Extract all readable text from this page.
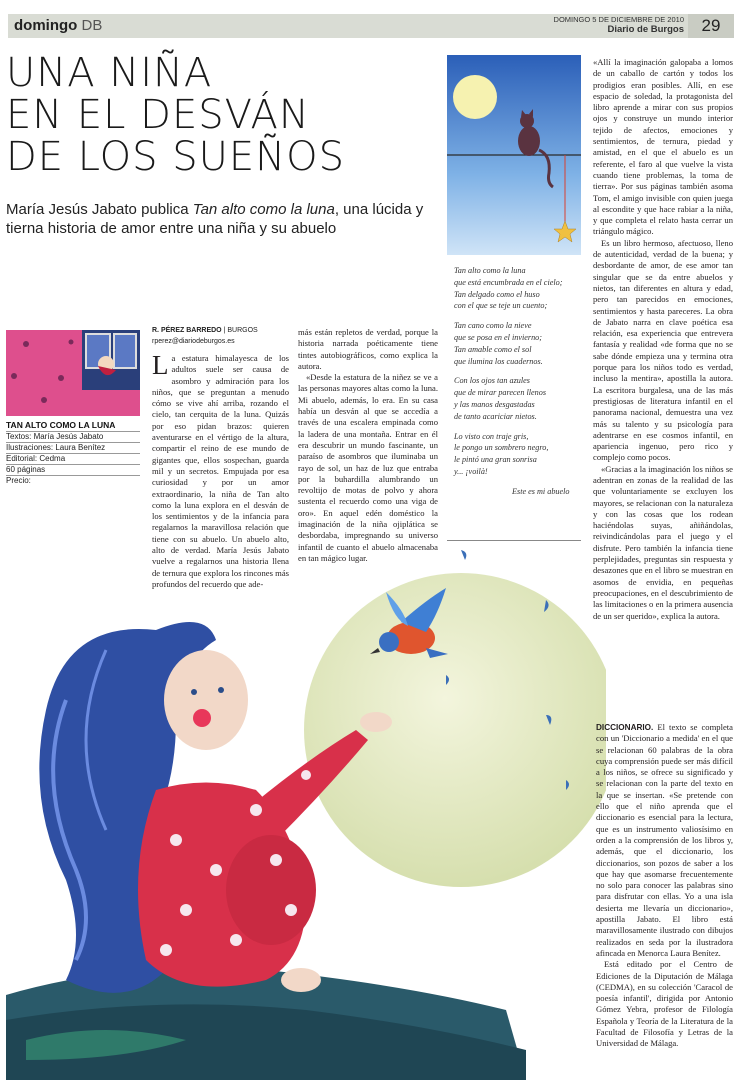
domingo DB	DOMINGO 5 DE DICIEMBRE DE 2010
Diario de Burgos	29
UNA NIÑA
EN EL DESVÁN
DE LOS SUEÑOS
María Jesús Jabato publica Tan alto como la luna, una lúcida y tierna historia de amor entre una niña y su abuelo

Tan alto como la luna
que está encumbrada en el cielo;
Tan delgado como el huso
con el que se teje un cuento;

Tan cano como la nieve
que se posa en el invierno;
Tan amable como el sol
que ilumina los cuadernos.

Con los ojos tan azules
que de mirar parecen llenos
y las manos desgastadas
de tanto acariciar nietos.

Lo visto con traje gris,
le pongo un sombrero negro,
le pintó una gran sonrisa
y... ¡voilà!

Este es mi abuelo

TAN ALTO COMO LA LUNA
Textos: María Jesús Jabato
Ilustraciones: Laura Benítez
Editorial: Cedma
60 páginas
Precio:
R. PÉREZ BARREDO | BURGOS
rperez@diariodeburgos.es
La estatura himalayesca de los adultos suele ser causa de asombro y admiración para los niños, que se preguntan a menudo cómo se vive ahí arriba, rozando el cielo, tan cerquita de la luna. Quizás por eso pidan brazos: quieren aventurarse en el vértigo de la altura, compartir el reino de ese mundo de gigantes que, ellos sospechan, guarda mil y un secretos. Empujada por esa curiosidad y por un amor extraordinario, la niña de Tan alto como la luna explora en el desván de los sentimientos y de la infancia para regalarnos la maravillosa relación que tiene con su abuelo. Un abuelo alto, alto de verdad. María Jesús Jabato vuelve a regalarnos una historia llena de ternura que explora los rincones más profundos del recuerdo que ade-

más están repletos de verdad, porque la historia narrada poéticamente tiene tintes autobiográficos, como explica la autora.

«Desde la estatura de la niñez se ve a las personas mayores altas como la luna. Mi abuelo, además, lo era. En su casa había un desván al que se accedía a través de una escalera empinada como la ladera de una montaña. Entrar en él era descubrir un mundo fascinante, un paraíso de asombros que iluminaba un rayo de sol, un haz de luz que entraba por la buhardilla alumbrando un revoltijo de motas de polvo y ahora sustenta el recuerdo como una viga de oro». En aquel edén doméstico la imaginación de la niña ojiplática se desbordaba, impregnando su universo infantil de cuanto el abuelo almacenaba en tan mágico lugar.

«Allí la imaginación galopaba a lomos de un caballo de cartón y todos los prodigios eran posibles. Allí, en ese espacio de soledad, la protagonista del libro aprende a mirar con sus propios ojos y construye un mundo interior tejido de afectos, emociones y sentimientos, de ternura, piedad y amistad, en el que el abuelo es un referente, el faro al que vuelve la vista cuando tiene problemas, la toma de tierra». Por sus páginas también asoma Tom, el amigo invisible con quien juega al escondite y que hace rabiar a la niña, y que completa el relato hasta cerrar un triángulo mágico.

Es un libro hermoso, afectuoso, lleno de autenticidad, verdad de la buena; y desbordante de amor, de ese amor tan singular que se da entre abuelos y nietos, tan diferentes en altura y edad, pero tan parecidos en emociones, sentimientos y hasta pareceres. La obra de Jabato narra en clave poética esa relación, esa experiencia que entrevera fantasía y realidad «de forma que no se sabe dónde empieza una y termina otra porque para los niños todo es verdad, incluso la mentira», apostilla la autora. La escritora burgalesa, una de las más prestigiosas de literatura infantil en el panorama nacional, demuestra una vez más su talento y su psicología para adentrarse en ese cosmos infantil, en apariencia ingenuo, pero rico y complejo como pocos.

«Gracias a la imaginación los niños se adentran en zonas de la realidad de las que voluntariamente se excluyen los mayores, se relacionan con la naturaleza y con las cosas que los rodean haciéndolas suyas, añiñándolas, reivindicándolas para el juego y el disfrute. Pero también la infancia tiene perplejidades, preguntas sin respuesta y desazones que en el libro se muestran en asomos de envidia, en pequeñas preocupaciones, en el descubrimiento de las limitaciones o en la primera ausencia de un ser querido», explica la autora.

DICCIONARIO. El texto se completa con un 'Diccionario a medida' en el que se relacionan 60 palabras de la obra cuya comprensión puede ser más difícil a los niños, se ofrece su significado y se relacionan con la parte del texto en la que se insertan. «Se pretende con ello que el niño aprenda que el diccionario es esencial para la lectura, que es un instrumento valiosísimo en orden a la comprensión de los libros y, además, que el diccionario, los diccionarios, son pozos de saber a los que hay que asomarse frecuentemente no solo para conocer las palabras sino para disfrutar con ellas. Yo a una isla desierta me llevaría un diccionario», apostilla Jabato. El libro está maravillosamente ilustrado con dibujos realizados en seda por la ilustradora afincada en Menorca Laura Benítez.

Está editado por el Centro de Ediciones de la Diputación de Málaga (CEDMA), en su colección 'Caracol de poesía infantil', dirigida por Antonio Gómez Yebra, profesor de Filología Española y Teoría de la Literatura de la Facultad de Filosofía y Letras de la Universidad de Málaga.
